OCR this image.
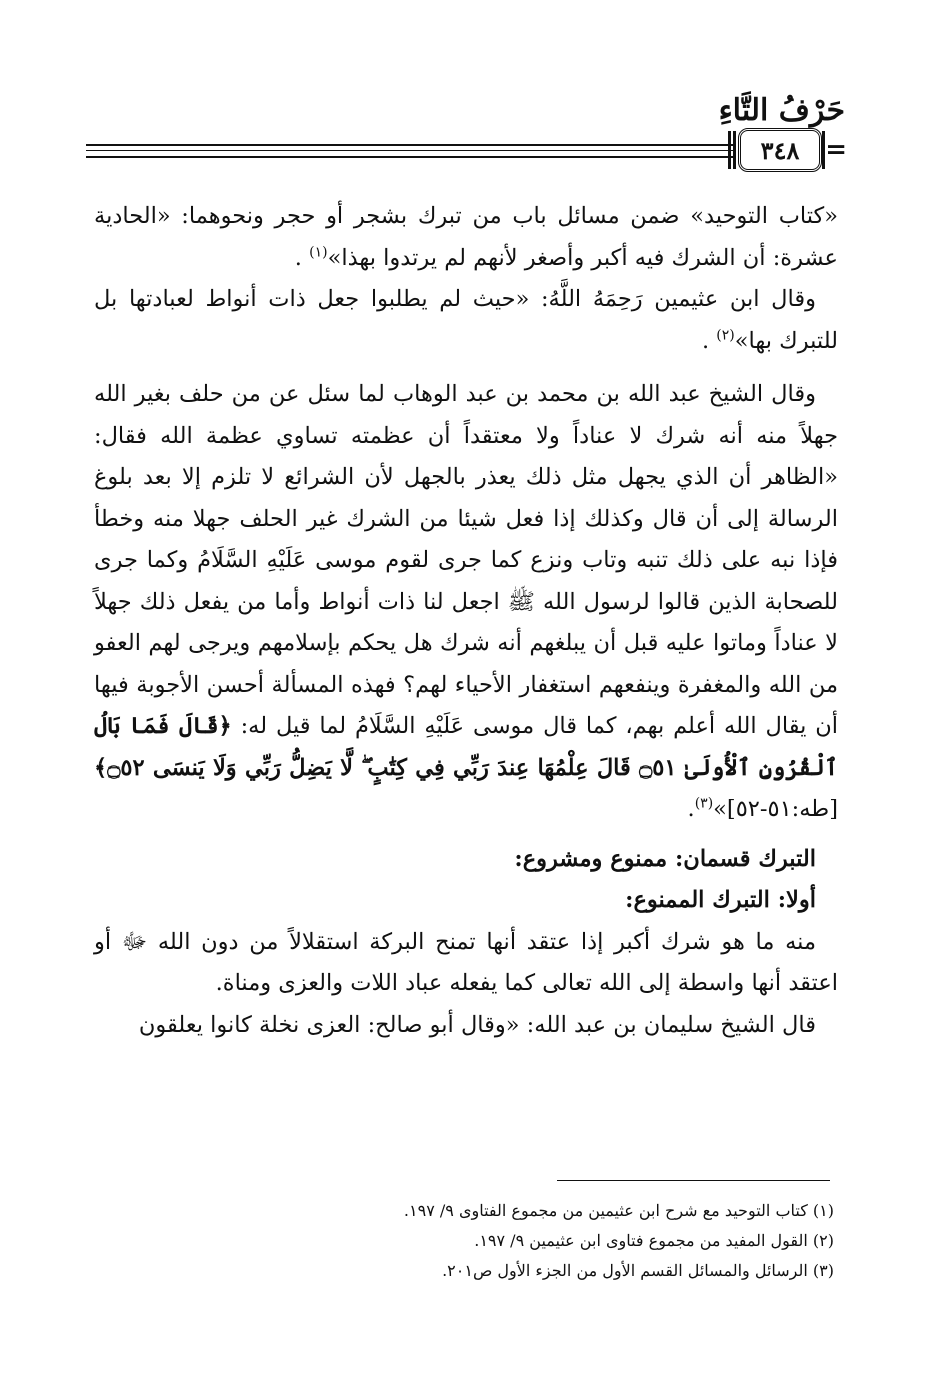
حَرْفُ التَّاءِ
٣٤٨ =

«كتاب التوحيد» ضمن مسائل باب من تبرك بشجر أو حجر ونحوهما: «الحادية عشرة: أن الشرك فيه أكبر وأصغر لأنهم لم يرتدوا بهذا»$^{(١)}$ .

وقال ابن عثيمين رَحِمَهُ اللَّهُ: «حيث لم يطلبوا جعل ذات أنواط لعبادتها بل للتبرك بها»$^{(٢)}$ .

وقال الشيخ عبد الله بن محمد بن عبد الوهاب لما سئل عن من حلف بغير الله جهلاً منه أنه شرك لا عناداً ولا معتقداً أن عظمته تساوي عظمة الله فقال: «الظاهر أن الذي يجهل مثل ذلك يعذر بالجهل لأن الشرائع لا تلزم إلا بعد بلوغ الرسالة إلى أن قال وكذلك إذا فعل شيئا من الشرك غير الحلف جهلا منه وخطأ فإذا نبه على ذلك تنبه وتاب ونزع كما جرى لقوم موسى عَلَيْهِ السَّلَامُ وكما جرى للصحابة الذين قالوا لرسول الله ﷺ اجعل لنا ذات أنواط وأما من يفعل ذلك جهلاً لا عناداً وماتوا عليه قبل أن يبلغهم أنه شرك هل يحكم بإسلامهم ويرجى لهم العفو من الله والمغفرة وينفعهم استغفار الأحياء لهم؟ فهذه المسألة أحسن الأجوبة فيها أن يقال الله أعلم بهم، كما قال موسى عَلَيْهِ السَّلَامُ لما قيل له: ﴿قَالَ فَمَا بَالُ ٱلْقُرُونِ ٱلْأُولَىٰ ۝٥١ قَالَ عِلْمُهَا عِندَ رَبِّي فِي كِتَٰبٍ ۖ لَّا يَضِلُّ رَبِّي وَلَا يَنسَى ۝٥٢﴾ [طه:٥١-٥٢]»$^{(٣)}$.

التبرك قسمان: ممنوع ومشروع:

أولا: التبرك الممنوع:

منه ما هو شرك أكبر إذا عتقد أنها تمنح البركة استقلالاً من دون الله ﷻ أو اعتقد أنها واسطة إلى الله تعالى كما يفعله عباد اللات والعزى ومناة.

قال الشيخ سليمان بن عبد الله: «وقال أبو صالح: العزى نخلة كانوا يعلقون

(١) كتاب التوحيد مع شرح ابن عثيمين من مجموع الفتاوى ٩/ ١٩٧.

(٢) القول المفيد من مجموع فتاوى ابن عثيمين ٩/ ١٩٧.

(٣) الرسائل والمسائل القسم الأول من الجزء الأول ص٢٠١.
